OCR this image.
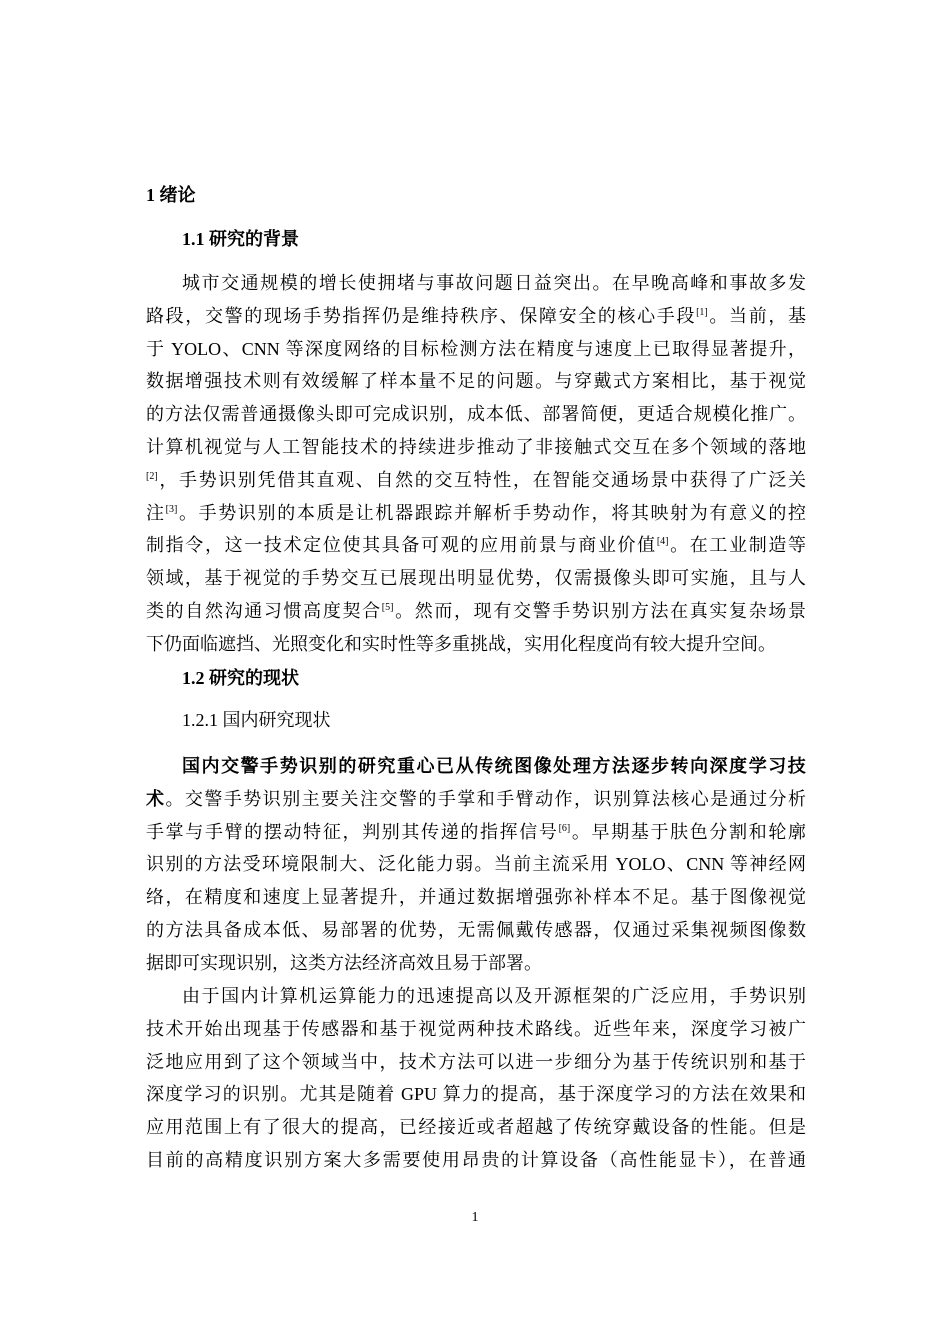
1 绪论
1.1 研究的背景
城市交通规模的增长使拥堵与事故问题日益突出。在早晚高峰和事故多发
路段，交警的现场手势指挥仍是维持秩序、保障安全的核心手段[1]。当前，基
于 YOLO、CNN 等深度网络的目标检测方法在精度与速度上已取得显著提升，
数据增强技术则有效缓解了样本量不足的问题。与穿戴式方案相比，基于视觉
的方法仅需普通摄像头即可完成识别，成本低、部署简便，更适合规模化推广。
计算机视觉与人工智能技术的持续进步推动了非接触式交互在多个领域的落地
[2]，手势识别凭借其直观、自然的交互特性，在智能交通场景中获得了广泛关
注[3]。手势识别的本质是让机器跟踪并解析手势动作，将其映射为有意义的控
制指令，这一技术定位使其具备可观的应用前景与商业价值[4]。在工业制造等
领域，基于视觉的手势交互已展现出明显优势，仅需摄像头即可实施，且与人
类的自然沟通习惯高度契合[5]。然而，现有交警手势识别方法在真实复杂场景
下仍面临遮挡、光照变化和实时性等多重挑战，实用化程度尚有较大提升空间。
1.2 研究的现状
1.2.1 国内研究现状
国内交警手势识别的研究重心已从传统图像处理方法逐步转向深度学习技
术。交警手势识别主要关注交警的手掌和手臂动作，识别算法核心是通过分析
手掌与手臂的摆动特征，判别其传递的指挥信号[6]。早期基于肤色分割和轮廓
识别的方法受环境限制大、泛化能力弱。当前主流采用 YOLO、CNN 等神经网
络，在精度和速度上显著提升，并通过数据增强弥补样本不足。基于图像视觉
的方法具备成本低、易部署的优势，无需佩戴传感器，仅通过采集视频图像数
据即可实现识别，这类方法经济高效且易于部署。
由于国内计算机运算能力的迅速提高以及开源框架的广泛应用，手势识别
技术开始出现基于传感器和基于视觉两种技术路线。近些年来，深度学习被广
泛地应用到了这个领域当中，技术方法可以进一步细分为基于传统识别和基于
深度学习的识别。尤其是随着 GPU 算力的提高，基于深度学习的方法在效果和
应用范围上有了很大的提高，已经接近或者超越了传统穿戴设备的性能。但是
目前的高精度识别方案大多需要使用昂贵的计算设备（高性能显卡），在普通
1
